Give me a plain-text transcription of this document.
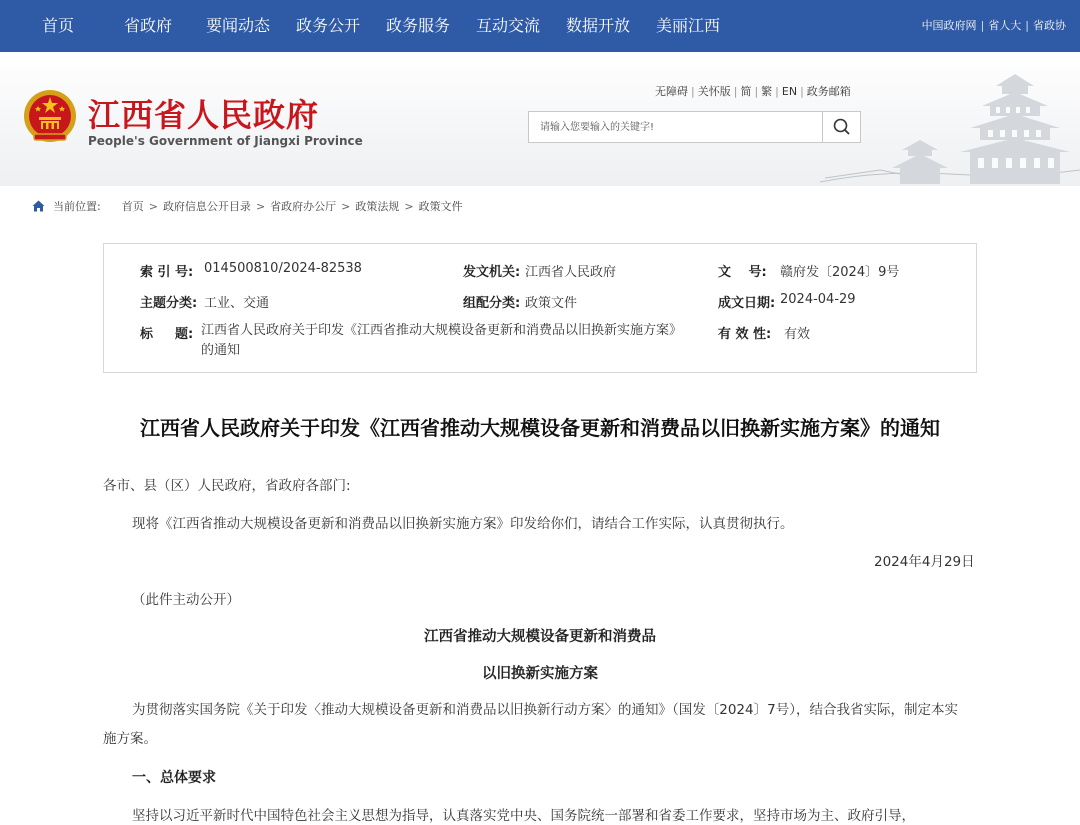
首页	省政府 要闻动态 政务公开 政务服务 互动交流 数据开放 美丽江西	中国政府网 | 省人大 | 省政协
江西省人民政府
People's Government of Jiangxi Province
无障碍 | 关怀版 | 简 | 繁 | EN | 政务邮箱
请输入您要输入的关键字!
当前位置: 首页 > 政府信息公开目录 > 省政府办公厅 > 政策法规 > 政策文件
索 引 号: 014500810/2024-82538	发文机关: 江西省人民政府	文 　号: 赣府发〔2024〕9号
主题分类: 工业、交通	组配分类: 政策文件	成文日期: 2024-04-29
标 　 题: 江西省人民政府关于印发《江西省推动大规模设备更新和消费品以旧换新实施方案》的通知
有 效 性: 有效
江西省人民政府关于印发《江西省推动大规模设备更新和消费品以旧换新实施方案》的通知
各市、县（区）人民政府，省政府各部门:
现将《江西省推动大规模设备更新和消费品以旧换新实施方案》印发给你们，请结合工作实际，认真贯彻执行。
2024年4月29日
（此件主动公开）
江西省推动大规模设备更新和消费品
以旧换新实施方案
为贯彻落实国务院《关于印发〈推动大规模设备更新和消费品以旧换新行动方案〉的通知》（国发〔2024〕7号），结合我省实际，制定本实施方案。
一、总体要求
坚持以习近平新时代中国特色社会主义思想为指导，认真落实党中央、国务院统一部署和省委工作要求，坚持市场为主、政府引导，
